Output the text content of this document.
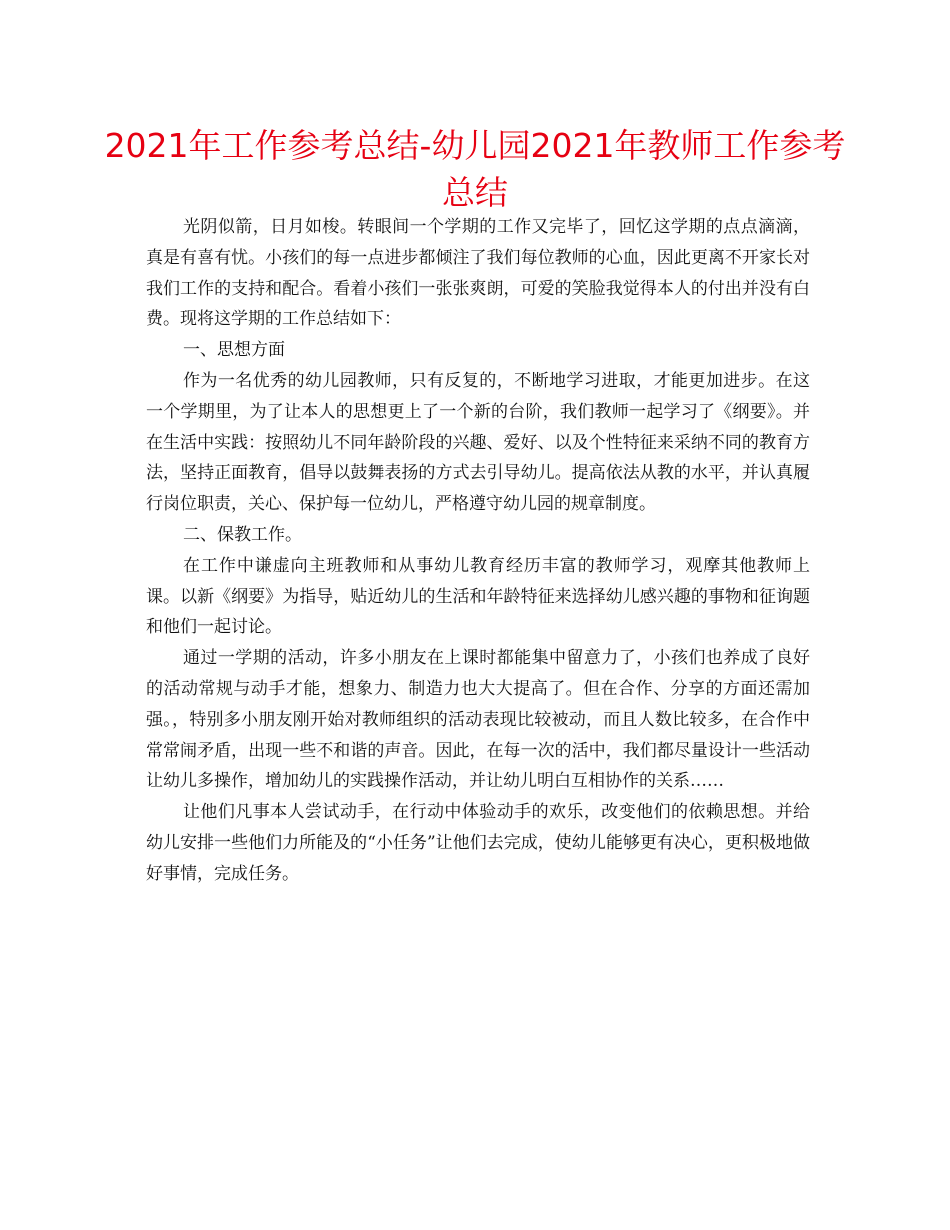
2021年工作参考总结-幼儿园2021年教师工作参考总结

光阴似箭，日月如梭。转眼间一个学期的工作又完毕了，回忆这学期的点点滴滴，真是有喜有忧。小孩们的每一点进步都倾注了我们每位教师的心血，因此更离不开家长对我们工作的支持和配合。看着小孩们一张张爽朗，可爱的笑脸我觉得本人的付出并没有白费。现将这学期的工作总结如下：

一、思想方面

作为一名优秀的幼儿园教师，只有反复的，不断地学习进取，才能更加进步。在这一个学期里，为了让本人的思想更上了一个新的台阶，我们教师一起学习了《纲要》。并在生活中实践：按照幼儿不同年龄阶段的兴趣、爱好、以及个性特征来采纳不同的教育方法，坚持正面教育，倡导以鼓舞表扬的方式去引导幼儿。提高依法从教的水平，并认真履行岗位职责，关心、保护每一位幼儿，严格遵守幼儿园的规章制度。

二、保教工作。

在工作中谦虚向主班教师和从事幼儿教育经历丰富的教师学习，观摩其他教师上课。以新《纲要》为指导，贴近幼儿的生活和年龄特征来选择幼儿感兴趣的事物和征询题和他们一起讨论。

通过一学期的活动，许多小朋友在上课时都能集中留意力了，小孩们也养成了良好的活动常规与动手才能，想象力、制造力也大大提高了。但在合作、分享的方面还需加强。，特别多小朋友刚开始对教师组织的活动表现比较被动，而且人数比较多，在合作中常常闹矛盾，出现一些不和谐的声音。因此，在每一次的活中，我们都尽量设计一些活动让幼儿多操作，增加幼儿的实践操作活动，并让幼儿明白互相协作的关系……

让他们凡事本人尝试动手，在行动中体验动手的欢乐，改变他们的依赖思想。并给幼儿安排一些他们力所能及的“小任务”让他们去完成，使幼儿能够更有决心，更积极地做好事情，完成任务。
